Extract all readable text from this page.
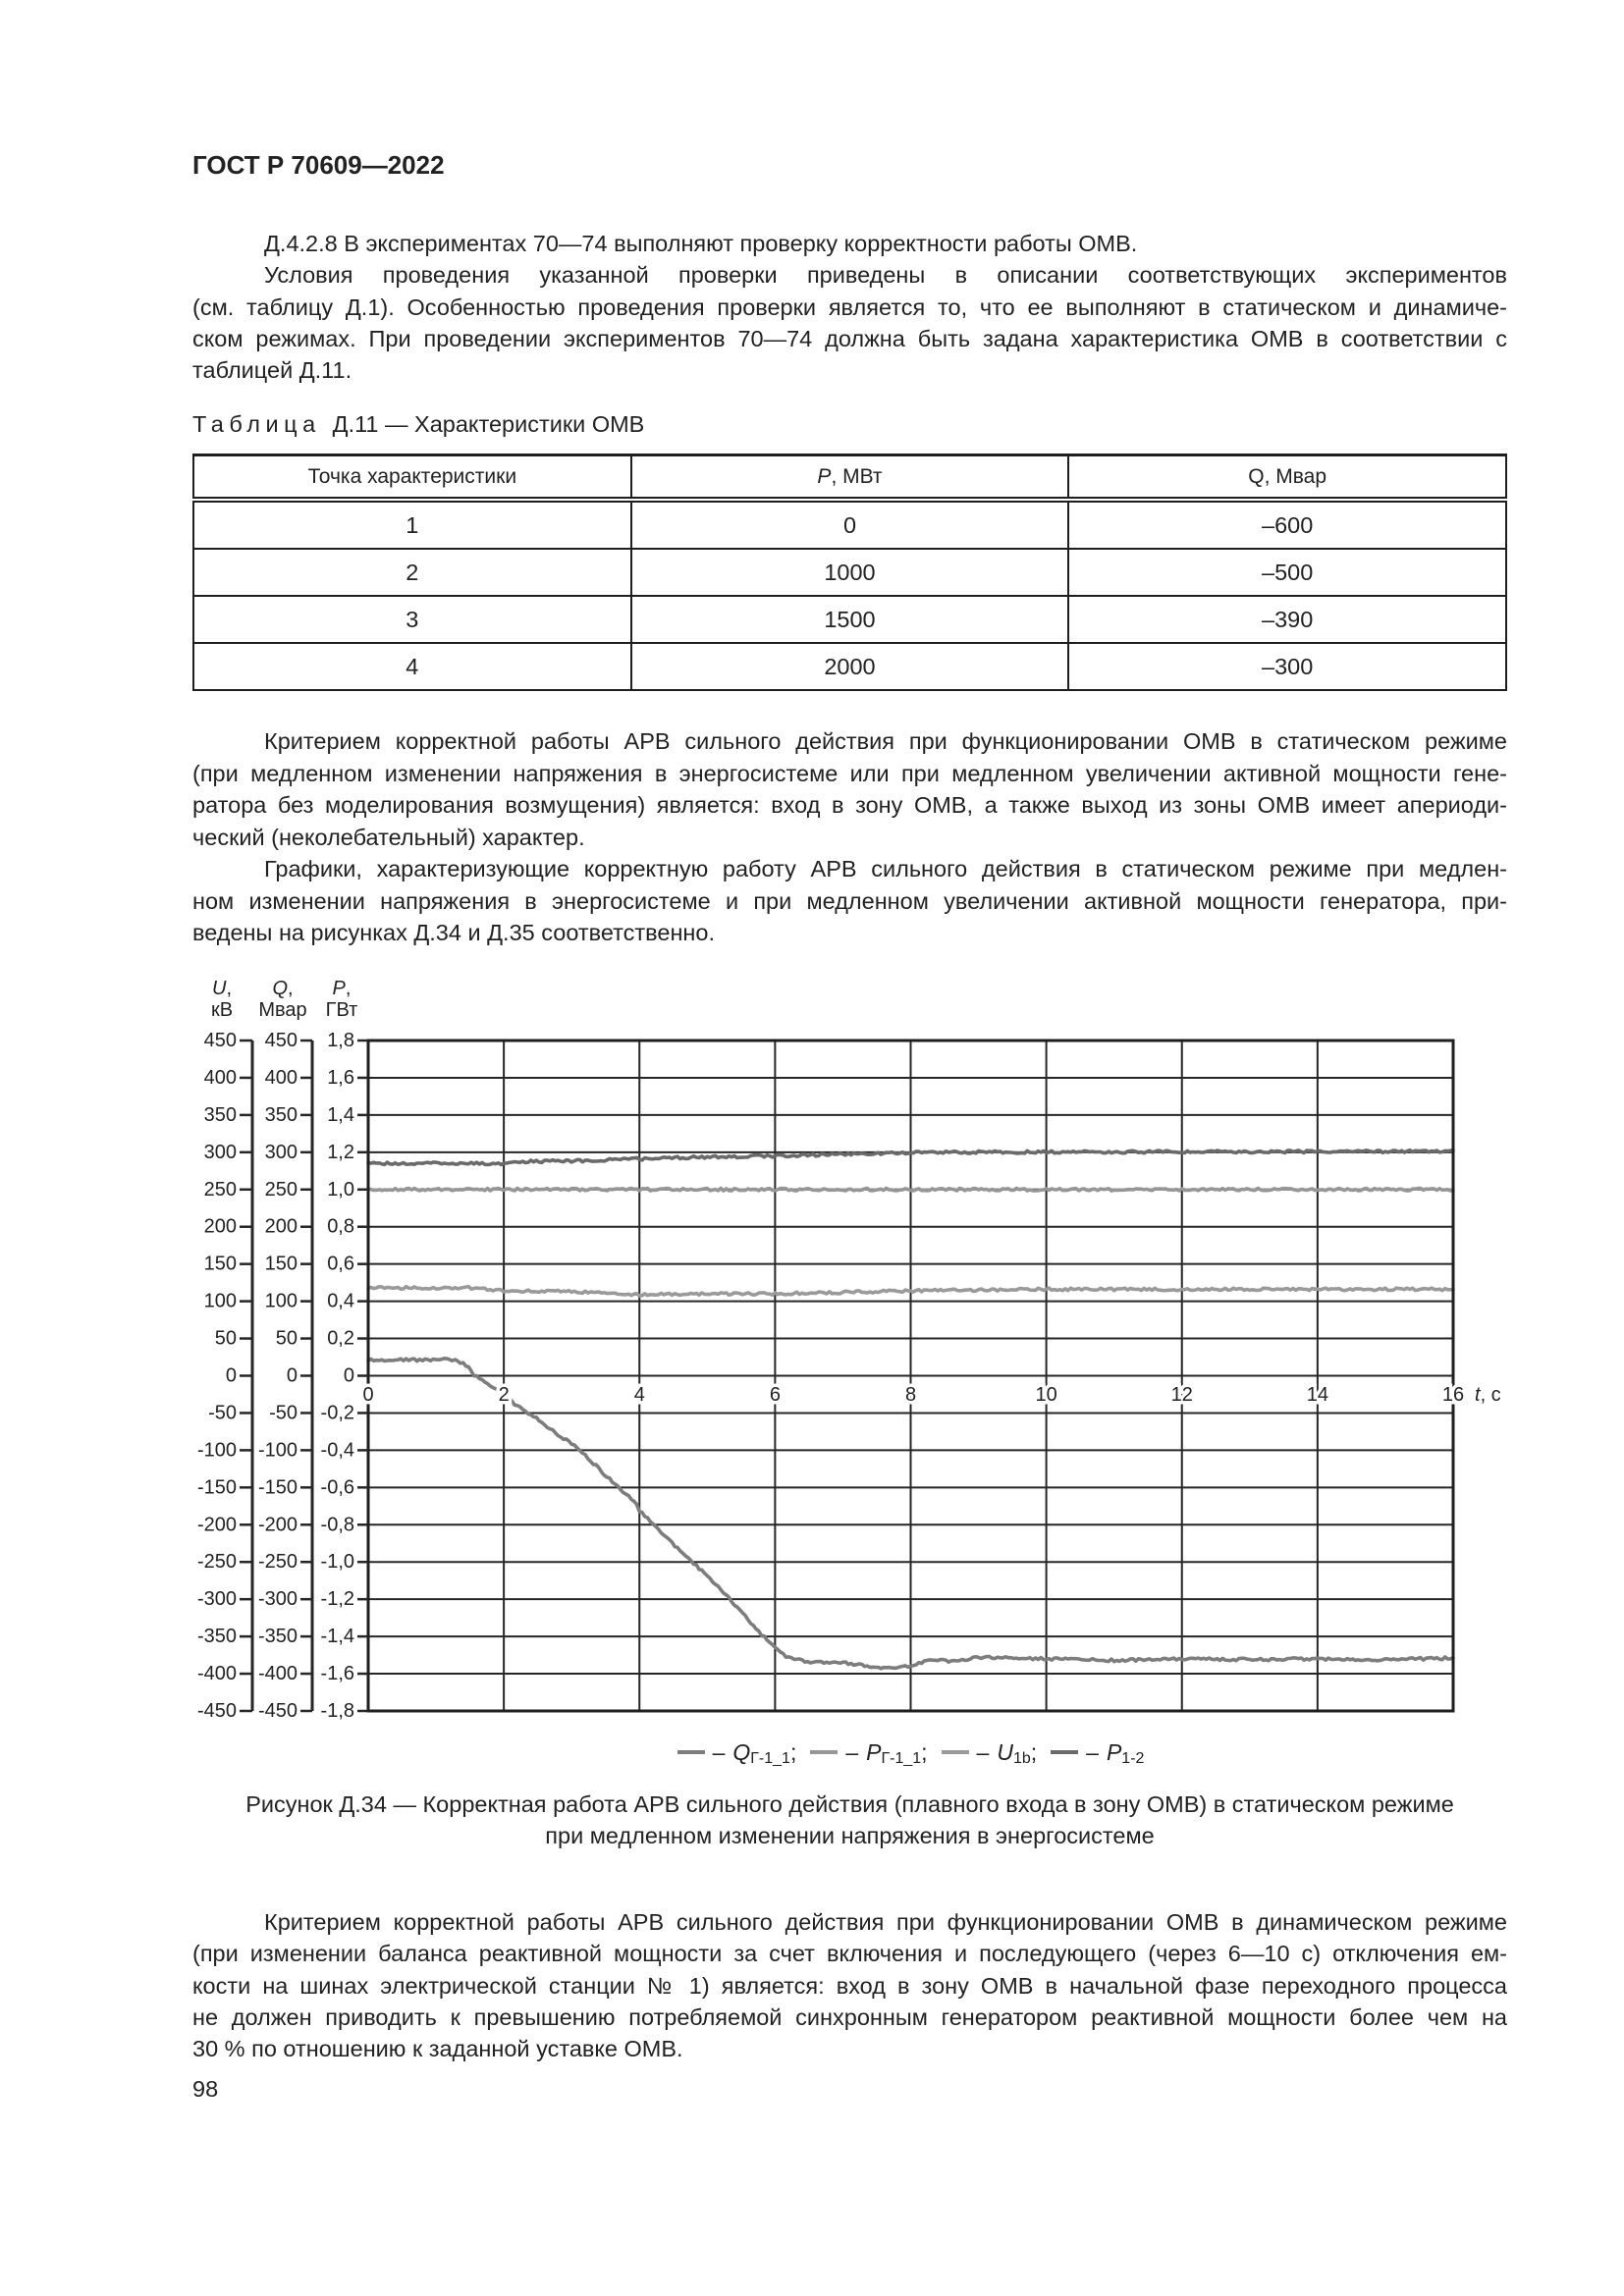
ГОСТ Р 70609—2022
Д.4.2.8 В экспериментах 70—74 выполняют проверку корректности работы ОМВ.
Условия проведения указанной проверки приведены в описании соответствующих экспериментов
(см. таблицу Д.1). Особенностью проведения проверки является то, что ее выполняют в статическом и динамиче-
ском режимах. При проведении экспериментов 70—74 должна быть задана характеристика ОМВ в соответствии с
таблицей Д.11.
Таблица Д.11 — Характеристики ОМВ
Точка характеристики	P, МВт	Q, Мвар
1	0	–600
2	1000	–500
3	1500	–390
4	2000	–300
Критерием корректной работы АРВ сильного действия при функционировании ОМВ в статическом режиме
(при медленном изменении напряжения в энергосистеме или при медленном увеличении активной мощности гене-
ратора без моделирования возмущения) является: вход в зону ОМВ, а также выход из зоны ОМВ имеет апериоди-
ческий (неколебательный) характер.
Графики, характеризующие корректную работу АРВ сильного действия в статическом режиме при медлен-
ном изменении напряжения в энергосистеме и при медленном увеличении активной мощности генератора, при-
ведены на рисунках Д.34 и Д.35 соответственно.
450
400
350
300
250
200
150
100
50
0
-50
-100
-150
-200
-250
-300
-350
-400
-450
U,
кВ
450
400
350
300
250
200
150
100
50
0
-50
-100
-150
-200
-250
-300
-350
-400
-450
Q,
Мвар
1,8
1,6
1,4
1,2
1,0
0,8
0,6
0,4
0,2
0
-0,2
-0,4
-0,6
-0,8
-1,0
-1,2
-1,4
-1,6
-1,8
P,
ГВт
0	2	4	6	8	10	12	14	16 t, с
– Q Г-1_1 ; – P Г-1_1 ; – U 1b ; – P 1-2
Рисунок Д.34 — Корректная работа АРВ сильного действия (плавного входа в зону ОМВ) в статическом режиме
при медленном изменении напряжения в энергосистеме
Критерием корректной работы АРВ сильного действия при функционировании ОМВ в динамическом режиме
(при изменении баланса реактивной мощности за счет включения и последующего (через 6—10 с) отключения ем-
кости на шинах электрической станции № 1) является: вход в зону ОМВ в начальной фазе переходного процесса
не должен приводить к превышению потребляемой синхронным генератором реактивной мощности более чем на
30 % по отношению к заданной уставке ОМВ.
98
